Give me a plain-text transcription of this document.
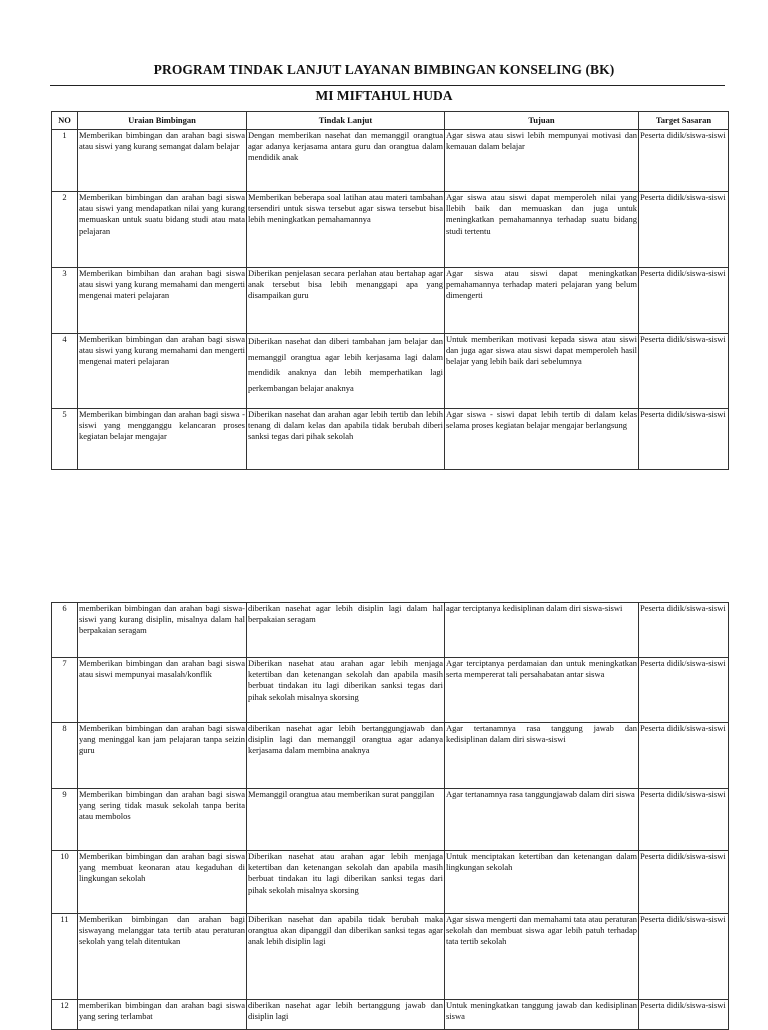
PROGRAM TINDAK LANJUT LAYANAN BIMBINGAN KONSELING (BK)
MI MIFTAHUL HUDA
NO	Uraian Bimbingan	Tindak Lanjut	Tujuan	Target Sasaran
1	Memberikan bimbingan dan arahan bagi siswa atau siswi yang kurang semangat dalam belajar	Dengan memberikan nasehat dan memanggil orangtua agar adanya kerjasama antara guru dan orangtua dalam mendidik anak	Agar siswa atau siswi lebih mempunyai motivasi dan kemauan dalam belajar	Peserta didik/siswa-siswi
2	Memberikan bimbingan dan arahan bagi siswa atau siswi yang mendapatkan nilai yang kurang memuaskan untuk suatu bidang studi atau mata pelajaran	Memberikan beberapa soal latihan atau materi tambahan tersendiri untuk siswa tersebut agar siswa tersebut bisa lebih meningkatkan pemahamannya	Agar siswa atau siswi dapat memperoleh nilai yang llebih baik dan memuaskan dan juga untuk meningkatkan pemahamannya terhadap suatu bidang studi tertentu	Peserta didik/siswa-siswi
3	Memberikan bimbihan dan arahan bagi siswa atau siswi yang kurang memahami dan mengerti mengenai materi pelajaran	Diberikan penjelasan secara perlahan atau bertahap agar anak tersebut bisa lebih menanggapi apa yang disampaikan guru	Agar siswa atau siswi dapat meningkatkan pemahamannya terhadap materi pelajaran yang belum dimengerti	Peserta didik/siswa-siswi
4	Memberikan bimbingan dan arahan bagi siswa atau siswi yang kurang memahami dan mengerti mengenai materi pelajaran	Diberikan nasehat dan diberi tambahan jam belajar dan memanggil orangtua agar lebih kerjasama lagi dalam mendidik anaknya dan lebih memperhatikan lagi perkembangan belajar anaknya	Untuk memberikan motivasi kepada siswa atau siswi dan juga agar siswa atau siswi dapat memperoleh hasil belajar yang lebih baik dari sebelumnya	Peserta didik/siswa-siswi
5	Memberikan bimbingan dan arahan bagi siswa - siswi yang mengganggu kelancaran proses kegiatan belajar mengajar	Diberikan nasehat dan arahan agar lebih tertib dan lebih tenang di dalam kelas dan apabila tidak berubah diberi sanksi tegas dari pihak sekolah	Agar siswa - siswi dapat lebih tertib di dalam kelas selama proses kegiatan belajar mengajar berlangsung	Peserta didik/siswa-siswi
6	memberikan bimbingan dan arahan bagi siswa-siswi yang kurang disiplin, misalnya dalam hal berpakaian seragam	diberikan nasehat agar lebih disiplin lagi dalam hal berpakaian seragam	agar terciptanya kedisiplinan dalam diri siswa-siswi	Peserta didik/siswa-siswi
7	Memberikan bimbingan dan arahan bagi siswa atau siswi mempunyai masalah/konflik	Diberikan nasehat atau arahan agar lebih menjaga ketertiban dan ketenangan sekolah dan apabila masih berbuat tindakan itu lagi diberikan sanksi tegas dari pihak sekolah misalnya skorsing	Agar terciptanya perdamaian dan untuk meningkatkan serta mempererat tali persahabatan antar siswa	Peserta didik/siswa-siswi
8	Memberikan bimbingan dan arahan bagi siswa yang meninggal kan jam pelajaran tanpa seizin guru	diberikan nasehat agar lebih bertanggungjawab dan disiplin lagi dan memanggil orangtua agar adanya kerjasama dalam membina anaknya	Agar tertanamnya rasa tanggung jawab dan kedisiplinan dalam diri siswa-siswi	Peserta didik/siswa-siswi
9	Memberikan bimbingan dan arahan bagi siswa yang sering tidak masuk sekolah tanpa berita atau membolos	Memanggil orangtua atau memberikan surat panggilan	Agar tertanamnya rasa tanggungjawab dalam diri siswa	Peserta didik/siswa-siswi
10	Memberikan bimbingan dan arahan bagi siswa yang membuat keonaran atau kegaduhan di lingkungan sekolah	Diberikan nasehat atau arahan agar lebih menjaga ketertiban dan ketenangan sekolah dan apabila masih berbuat tindakan itu lagi diberikan sanksi tegas dari pihak sekolah misalnya skorsing	Untuk menciptakan ketertiban dan ketenangan dalam lingkungan sekolah	Peserta didik/siswa-siswi
11	Memberikan bimbingan dan arahan bagi siswayang melanggar tata tertib atau peraturan sekolah yang telah ditentukan	Diberikan nasehat dan apabila tidak berubah maka orangtua akan dipanggil dan diberikan sanksi tegas agar anak lebih disiplin lagi	Agar siswa mengerti dan memahami tata atau peraturan sekolah dan membuat siswa agar lebih patuh terhadap tata tertib sekolah	Peserta didik/siswa-siswi
12	memberikan bimbingan dan arahan bagi siswa yang sering terlambat	diberikan nasehat agar lebih bertanggung jawab dan disiplin lagi	Untuk meningkatkan tanggung jawab dan kedisiplinan siswa	Peserta didik/siswa-siswi
